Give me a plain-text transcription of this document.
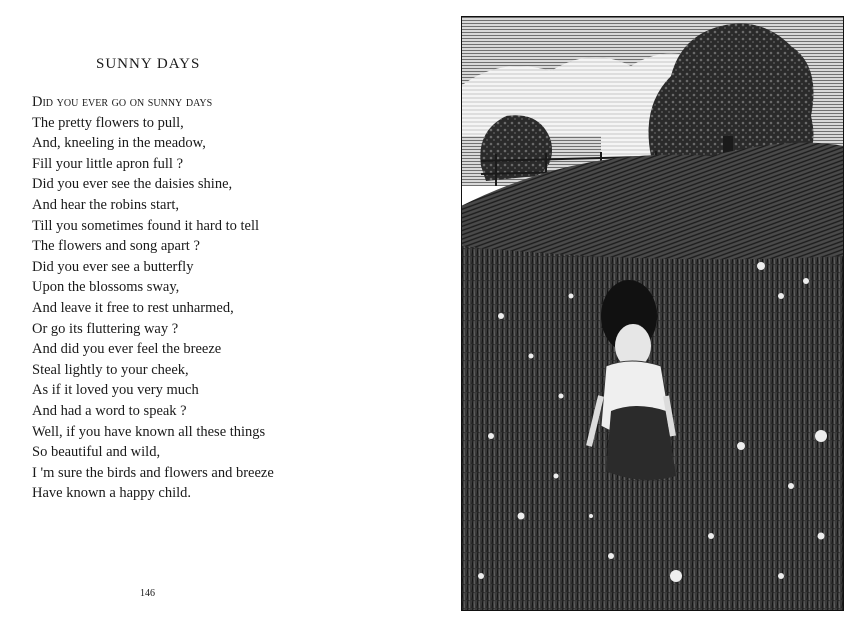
SUNNY DAYS
Did you ever go on sunny days
The pretty flowers to pull,
And, kneeling in the meadow,
Fill your little apron full ?
Did you ever see the daisies shine,
And hear the robins start,
Till you sometimes found it hard to tell
The flowers and song apart ?
Did you ever see a butterfly
Upon the blossoms sway,
And leave it free to rest unharmed,
Or go its fluttering way ?
And did you ever feel the breeze
Steal lightly to your cheek,
As if it loved you very much
And had a word to speak ?
Well, if you have known all these things
So beautiful and wild,
I 'm sure the birds and flowers and breeze
Have known a happy child.
146
